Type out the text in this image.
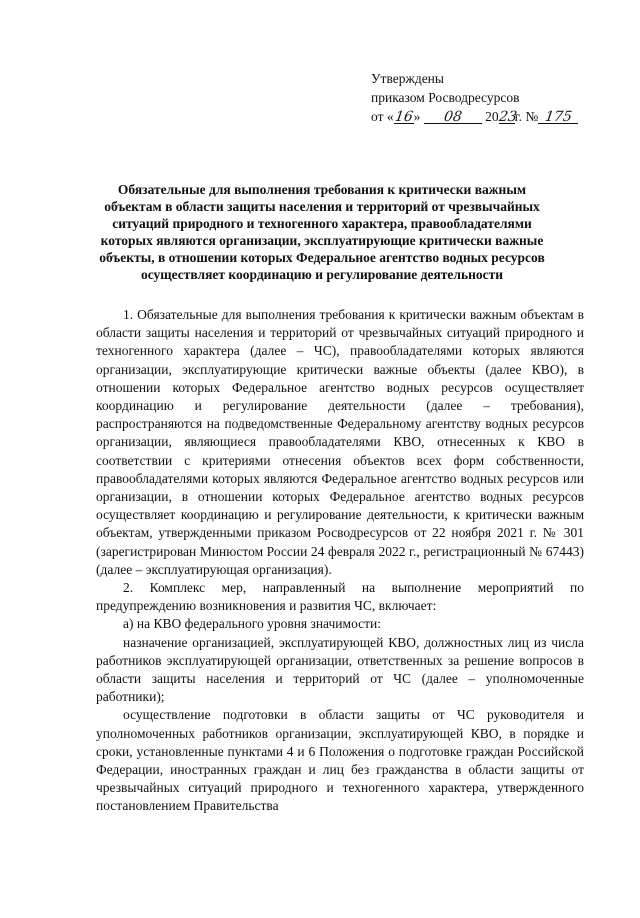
Утверждены
приказом Росводресурсов
от «16» 08 2023г. № 175

Обязательные для выполнения требования к критически важным объектам в области защиты населения и территорий от чрезвычайных ситуаций природного и техногенного характера, правообладателями которых являются организации, эксплуатирующие критически важные объекты, в отношении которых Федеральное агентство водных ресурсов осуществляет координацию и регулирование деятельности

1. Обязательные для выполнения требования к критически важным объектам в области защиты населения и территорий от чрезвычайных ситуаций природного и техногенного характера (далее – ЧС), правообладателями которых являются организации, эксплуатирующие критически важные объекты (далее КВО), в отношении которых Федеральное агентство водных ресурсов осуществляет координацию и регулирование деятельности (далее – требования), распространяются на подведомственные Федеральному агентству водных ресурсов организации, являющиеся правообладателями КВО, отнесенных к КВО в соответствии с критериями отнесения объектов всех форм собственности, правообладателями которых являются Федеральное агентство водных ресурсов или организации, в отношении которых Федеральное агентство водных ресурсов осуществляет координацию и регулирование деятельности, к критически важным объектам, утвержденными приказом Росводресурсов от 22 ноября 2021 г. № 301 (зарегистрирован Минюстом России 24 февраля 2022 г., регистрационный № 67443) (далее – эксплуатирующая организация).

2. Комплекс мер, направленный на выполнение мероприятий по предупреждению возникновения и развития ЧС, включает:

а) на КВО федерального уровня значимости:

назначение организацией, эксплуатирующей КВО, должностных лиц из числа работников эксплуатирующей организации, ответственных за решение вопросов в области защиты населения и территорий от ЧС (далее – уполномоченные работники);

осуществление подготовки в области защиты от ЧС руководителя и уполномоченных работников организации, эксплуатирующей КВО, в порядке и сроки, установленные пунктами 4 и 6 Положения о подготовке граждан Российской Федерации, иностранных граждан и лиц без гражданства в области защиты от чрезвычайных ситуаций природного и техногенного характера, утвержденного постановлением Правительства
